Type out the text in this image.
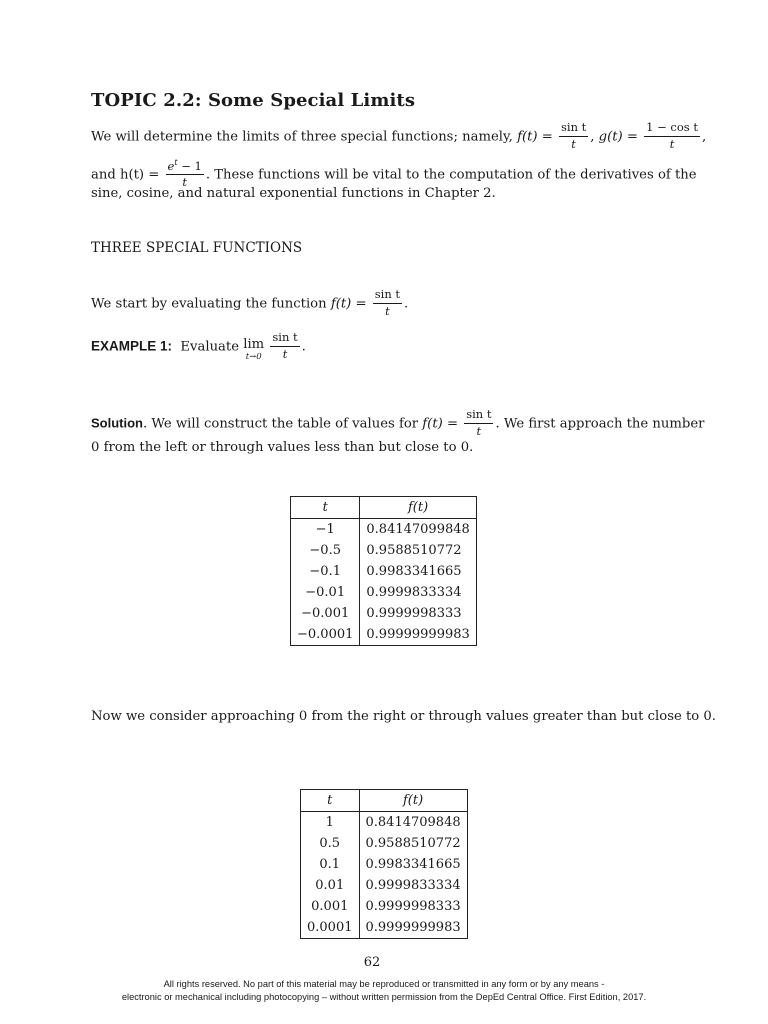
TOPIC 2.2: Some Special Limits
We will determine the limits of three special functions; namely, $f(t) = \frac{\text{sin t}}{t}$ , $g(t) = \frac{\text{1 − cos t}}{t}$ ,
and $h(t) = \frac{e^t - 1}{t}$ . These functions will be vital to the computation of the derivatives of the
sine, cosine, and natural exponential functions in Chapter 2.
THREE SPECIAL FUNCTIONS
We start by evaluating the function $f(t) = \frac{\text{sin t}}{t}$ .
EXAMPLE 1: Evaluate lim
t→0
$\frac{\text{sin t}}{t}$ .
Solution. We will construct the table of values for $f(t) = \frac{\text{sin t}}{t}$ . We first approach the number
0 from the left or through values less than but close to 0.
t	f(t)
−1	0.84147099848
−0.5	0.9588510772
−0.1	0.9983341665
−0.01	0.9999833334
−0.001	0.9999998333
−0.0001	0.99999999983
Now we consider approaching 0 from the right or through values greater than but close to 0.
t	f(t)
1	0.8414709848
0.5	0.9588510772
0.1	0.9983341665
0.01	0.9999833334
0.001	0.9999998333
0.0001	0.9999999983
62
All rights reserved. No part of this material may be reproduced or transmitted in any form or by any means -
electronic or mechanical including photocopying – without written permission from the DepEd Central Office. First Edition, 2017.
